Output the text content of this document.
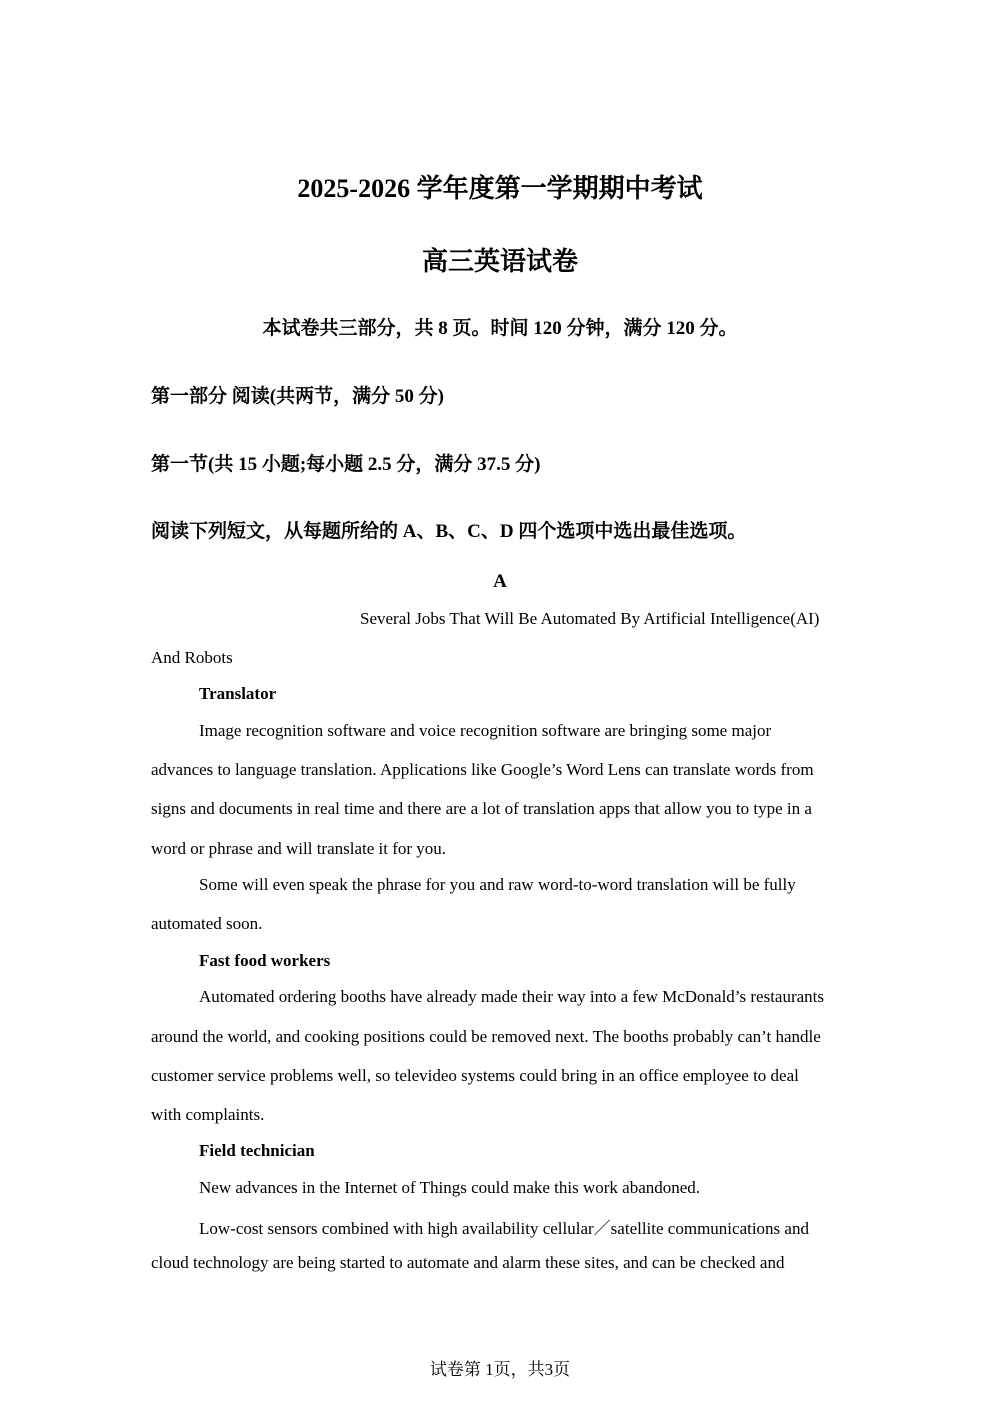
2025-2026 学年度第一学期期中考试
高三英语试卷

本试卷共三部分，共 8 页。时间 120 分钟，满分 120 分。

第一部分 阅读(共两节，满分 50 分)

第一节(共 15 小题;每小题 2.5 分，满分 37.5 分)

阅读下列短文，从每题所给的 A、B、C、D 四个选项中选出最佳选项。

A

Several Jobs That Will Be Automated By Artificial Intelligence(AI)

And Robots

Translator

Image recognition software and voice recognition software are bringing some major

advances to language translation. Applications like Google’s Word Lens can translate words from

signs and documents in real time and there are a lot of translation apps that allow you to type in a

word or phrase and will translate it for you.

Some will even speak the phrase for you and raw word-to-word translation will be fully

automated soon.

Fast food workers

Automated ordering booths have already made their way into a few McDonald’s restaurants

around the world, and cooking positions could be removed next. The booths probably can’t handle

customer service problems well, so televideo systems could bring in an office employee to deal

with complaints.

Field technician

New advances in the Internet of Things could make this work abandoned.

Low-cost sensors combined with high availability cellular／satellite communications and

cloud technology are being started to automate and alarm these sites, and can be checked and

试卷第 1页，共3页
